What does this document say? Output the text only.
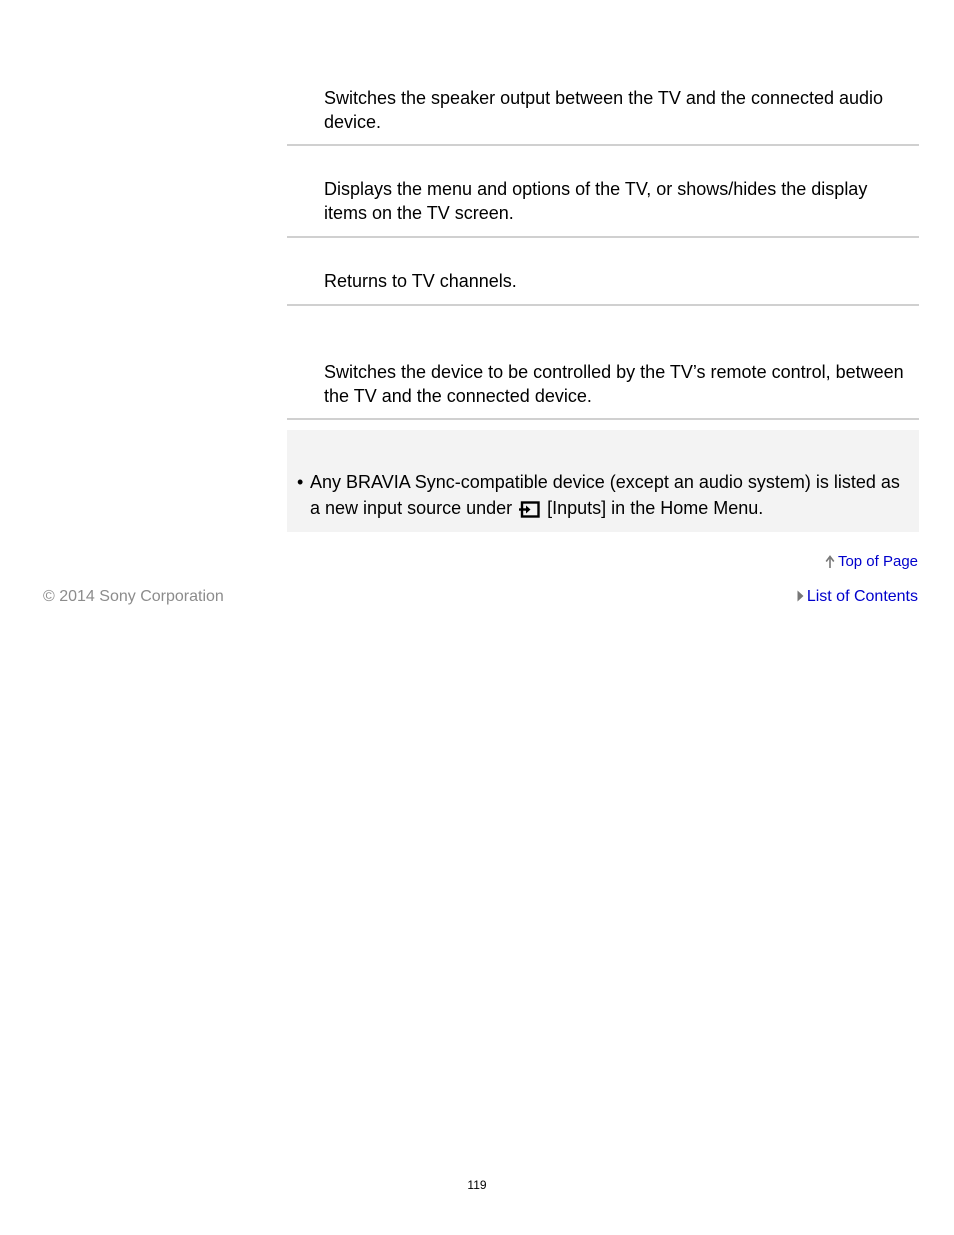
Switches the speaker output between the TV and the connected audio device.
Displays the menu and options of the TV, or shows/hides the display items on the TV screen.
Returns to TV channels.
Switches the device to be controlled by the TV’s remote control, between the TV and the connected device.
• Any BRAVIA Sync-compatible device (except an audio system) is listed as a new input source under  [Inputs] in the Home Menu.
Top of Page
© 2014 Sony Corporation	List of Contents
119
